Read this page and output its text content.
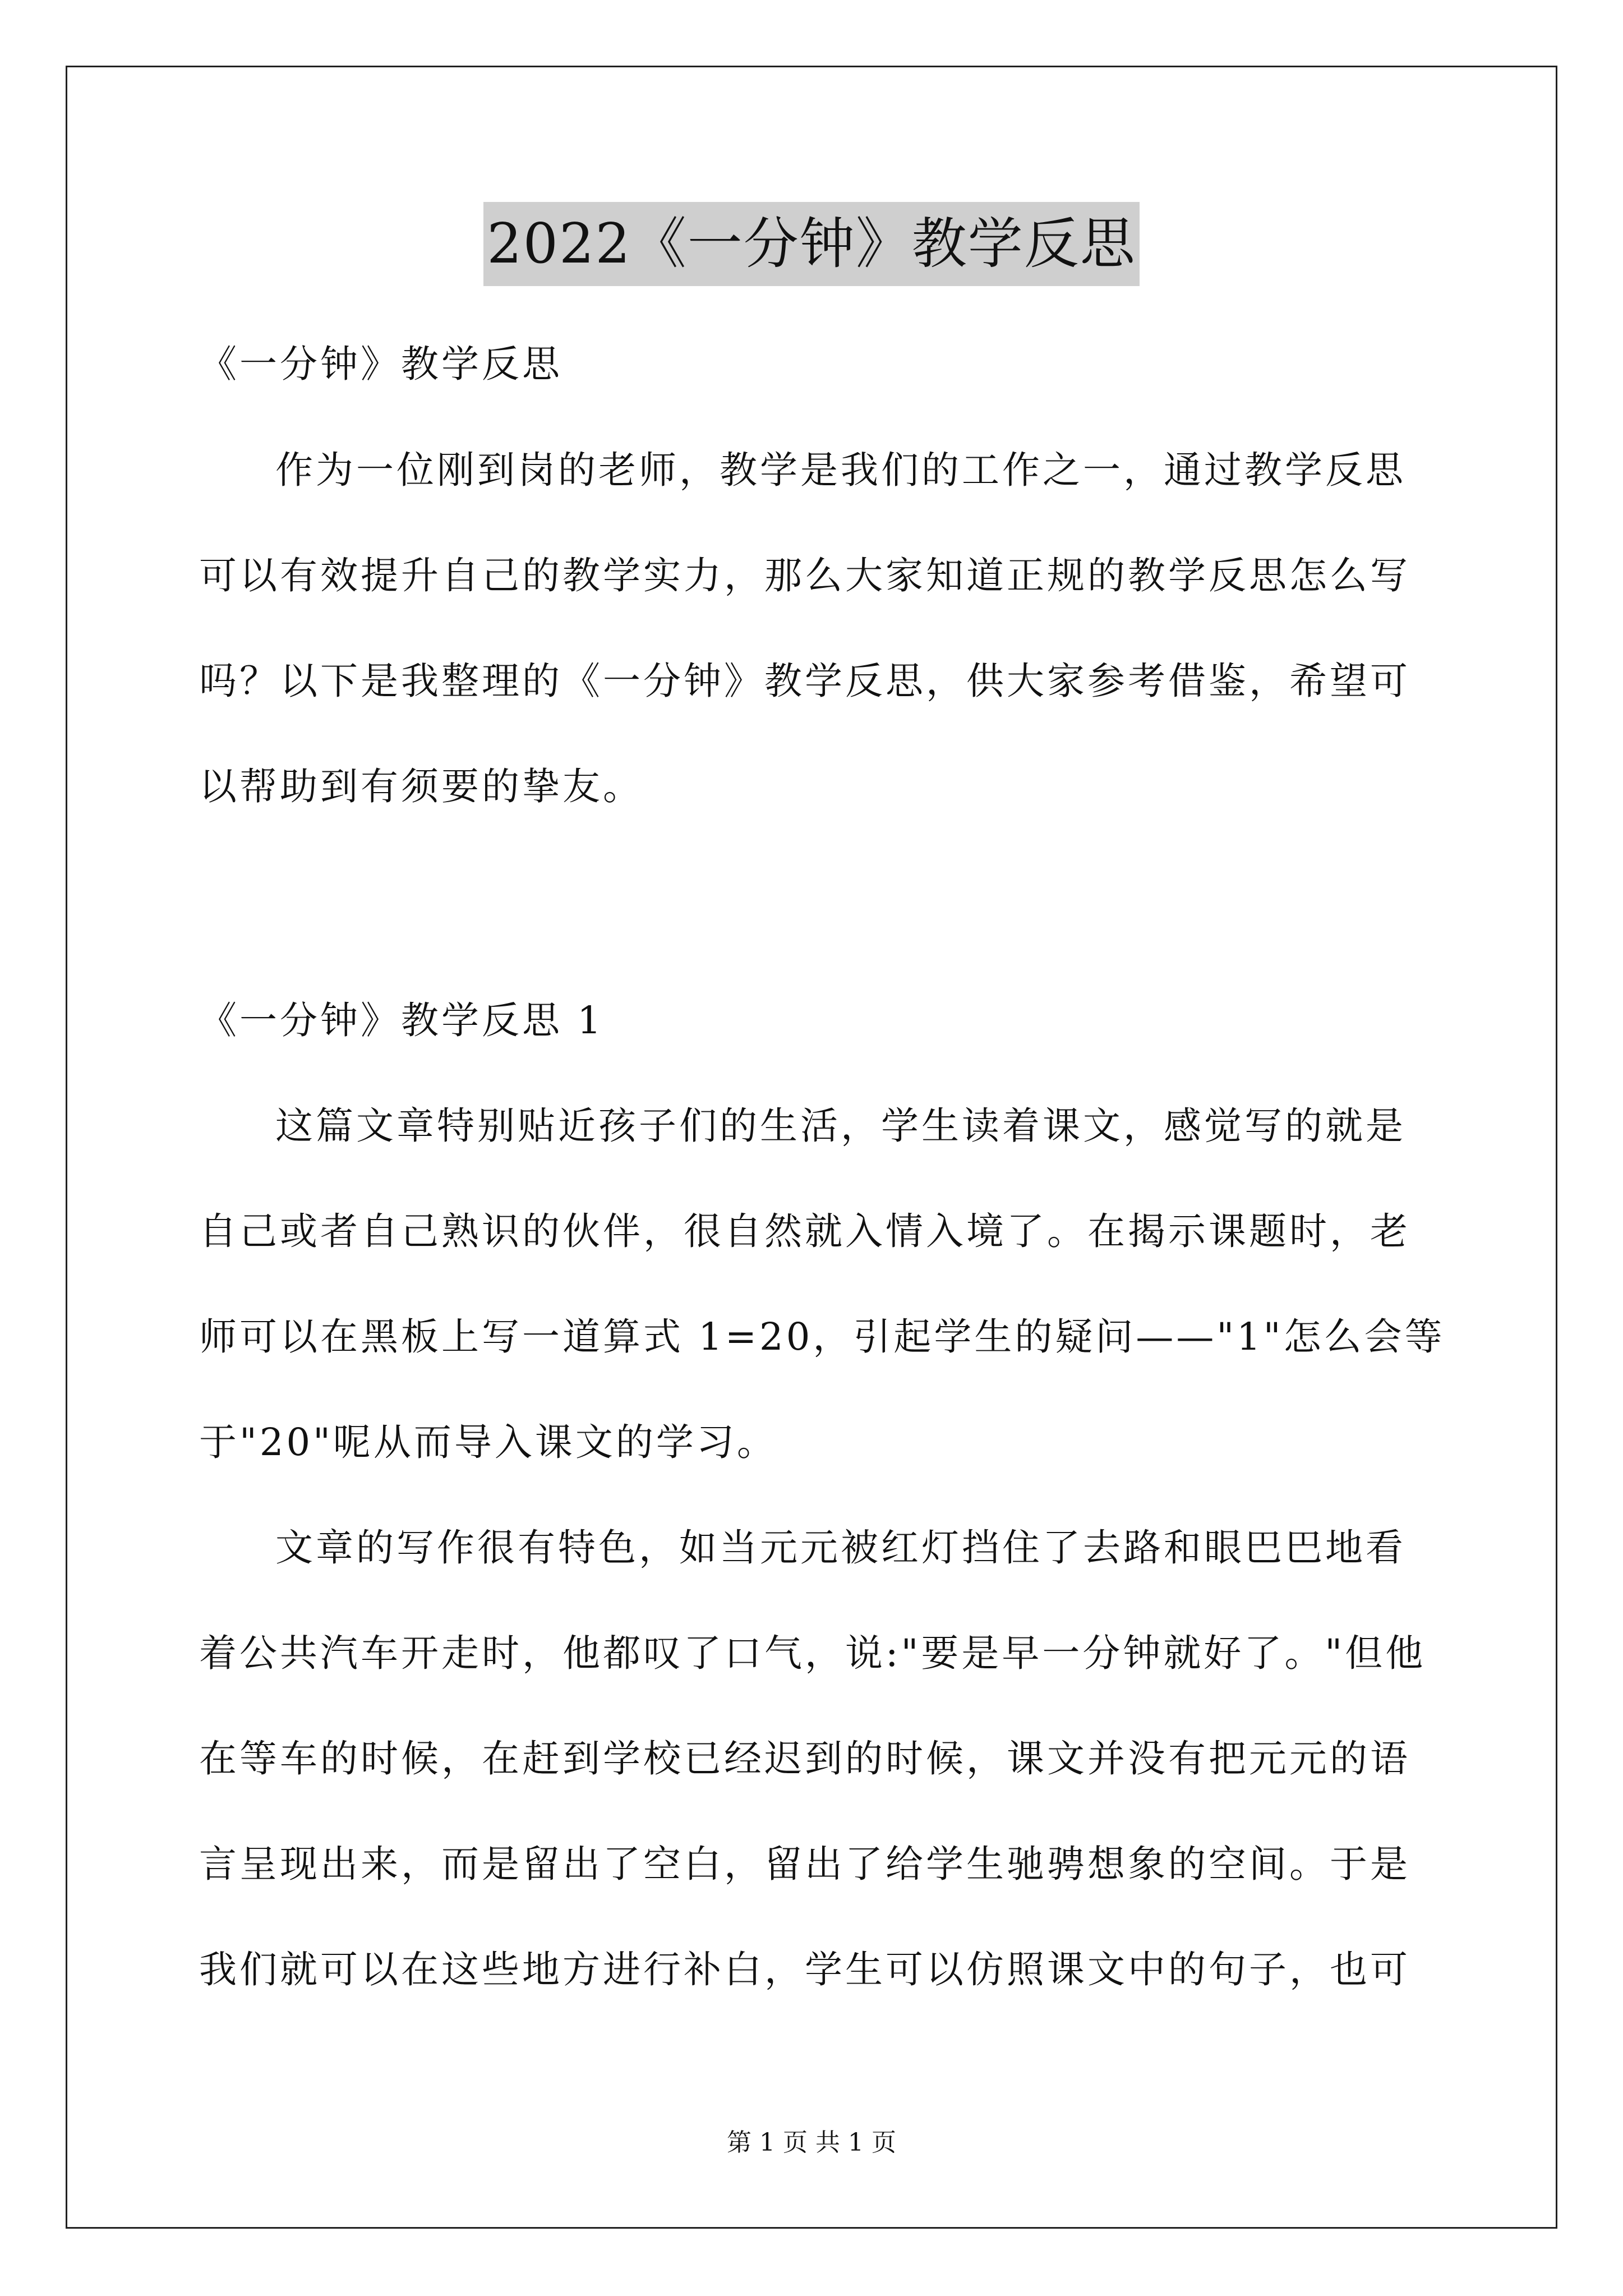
2022《一分钟》教学反思
《一分钟》教学反思
作为一位刚到岗的老师，教学是我们的工作之一，通过教学反思
可以有效提升自己的教学实力，那么大家知道正规的教学反思怎么写
吗？以下是我整理的《一分钟》教学反思，供大家参考借鉴，希望可
以帮助到有须要的挚友。
《一分钟》教学反思 1
这篇文章特别贴近孩子们的生活，学生读着课文，感觉写的就是
自己或者自己熟识的伙伴，很自然就入情入境了。在揭示课题时，老
师可以在黑板上写一道算式 1=20，引起学生的疑问——"1"怎么会等
于"20"呢从而导入课文的学习。
文章的写作很有特色，如当元元被红灯挡住了去路和眼巴巴地看
着公共汽车开走时，他都叹了口气，说:"要是早一分钟就好了。"但他
在等车的时候，在赶到学校已经迟到的时候，课文并没有把元元的语
言呈现出来，而是留出了空白，留出了给学生驰骋想象的空间。于是
我们就可以在这些地方进行补白，学生可以仿照课文中的句子，也可
第 1 页 共 1 页
